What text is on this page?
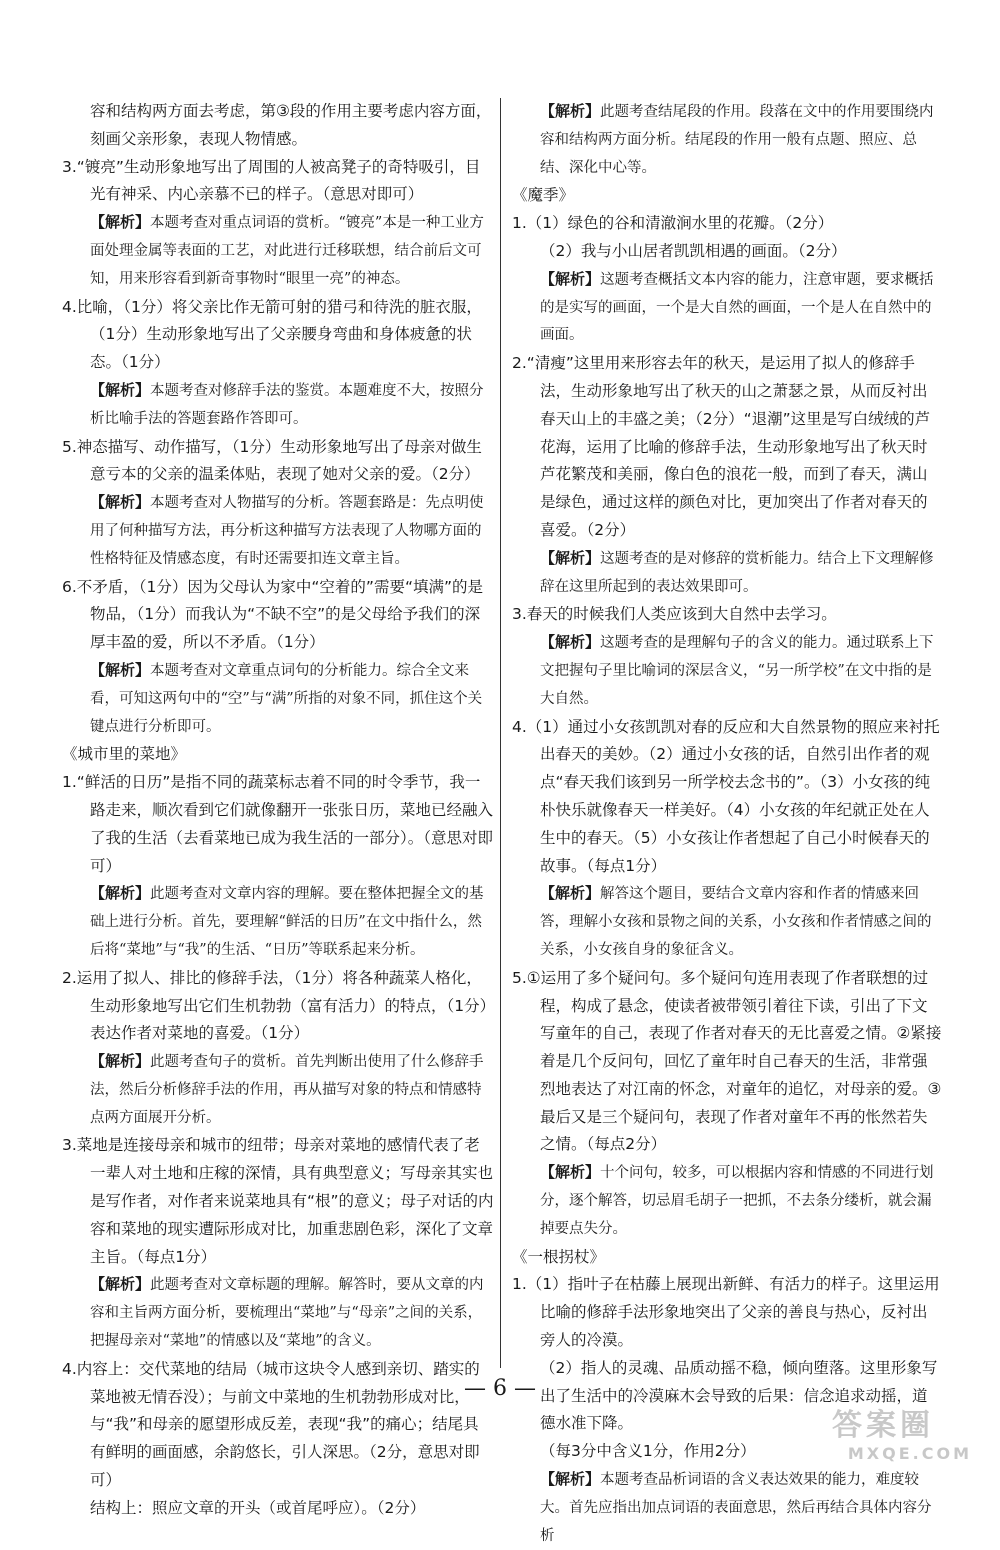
容和结构两方面去考虑，第③段的作用主要考虑内容方面，刻画父亲形象，表现人物情感。
3.“镀亮”生动形象地写出了周围的人被高凳子的奇特吸引，目光有神采、内心亲慕不已的样子。（意思对即可）
【解析】本题考查对重点词语的赏析。“镀亮”本是一种工业方面处理金属等表面的工艺，对此进行迁移联想，结合前后文可知，用来形容看到新奇事物时“眼里一亮”的神态。
4.比喻，（1分）将父亲比作无箭可射的猎弓和待洗的脏衣服，（1分）生动形象地写出了父亲腰身弯曲和身体疲惫的状态。（1分）
【解析】本题考查对修辞手法的鉴赏。本题难度不大，按照分析比喻手法的答题套路作答即可。
5.神态描写、动作描写，（1分）生动形象地写出了母亲对做生意亏本的父亲的温柔体贴，表现了她对父亲的爱。（2分）
【解析】本题考查对人物描写的分析。答题套路是：先点明使用了何种描写方法，再分析这种描写方法表现了人物哪方面的性格特征及情感态度，有时还需要扣连文章主旨。
6.不矛盾，（1分）因为父母认为家中“空着的”需要“填满”的是物品，（1分）而我认为“不缺不空”的是父母给予我们的深厚丰盈的爱，所以不矛盾。（1分）
【解析】本题考查对文章重点词句的分析能力。综合全文来看，可知这两句中的“空”与“满”所指的对象不同，抓住这个关键点进行分析即可。
《城市里的菜地》
1.“鲜活的日历”是指不同的蔬菜标志着不同的时令季节，我一路走来，顺次看到它们就像翻开一张张日历，菜地已经融入了我的生活（去看菜地已成为我生活的一部分）。（意思对即可）
【解析】此题考查对文章内容的理解。要在整体把握全文的基础上进行分析。首先，要理解“鲜活的日历”在文中指什么，然后将“菜地”与“我”的生活、“日历”等联系起来分析。
2.运用了拟人、排比的修辞手法，（1分）将各种蔬菜人格化，生动形象地写出它们生机勃勃（富有活力）的特点，（1分）表达作者对菜地的喜爱。（1分）
【解析】此题考查句子的赏析。首先判断出使用了什么修辞手法，然后分析修辞手法的作用，再从描写对象的特点和情感特点两方面展开分析。
3.菜地是连接母亲和城市的纽带；母亲对菜地的感情代表了老一辈人对土地和庄稼的深情，具有典型意义；写母亲其实也是写作者，对作者来说菜地具有“根”的意义；母子对话的内容和菜地的现实遭际形成对比，加重悲剧色彩，深化了文章主旨。（每点1分）
【解析】此题考查对文章标题的理解。解答时，要从文章的内容和主旨两方面分析，要梳理出“菜地”与“母亲”之间的关系，把握母亲对“菜地”的情感以及“菜地”的含义。
4.内容上：交代菜地的结局（城市这块令人感到亲切、踏实的菜地被无情吞没）；与前文中菜地的生机勃勃形成对比，与“我”和母亲的愿望形成反差，表现“我”的痛心；结尾具有鲜明的画面感，余韵悠长，引人深思。（2分，意思对即可）
结构上：照应文章的开头（或首尾呼应）。（2分）
【解析】此题考查结尾段的作用。段落在文中的作用要围绕内容和结构两方面分析。结尾段的作用一般有点题、照应、总结、深化中心等。
《魔季》
1.（1）绿色的谷和清澈涧水里的花瓣。（2分）
（2）我与小山居者凯凯相遇的画面。（2分）
【解析】这题考查概括文本内容的能力，注意审题，要求概括的是实写的画面，一个是大自然的画面，一个是人在自然中的画面。
2.“清瘦”这里用来形容去年的秋天，是运用了拟人的修辞手法，生动形象地写出了秋天的山之萧瑟之景，从而反衬出春天山上的丰盛之美；（2分）“退潮”这里是写白绒绒的芦花海，运用了比喻的修辞手法，生动形象地写出了秋天时芦花繁茂和美丽，像白色的浪花一般，而到了春天，满山是绿色，通过这样的颜色对比，更加突出了作者对春天的喜爱。（2分）
【解析】这题考查的是对修辞的赏析能力。结合上下文理解修辞在这里所起到的表达效果即可。
3.春天的时候我们人类应该到大自然中去学习。
【解析】这题考查的是理解句子的含义的能力。通过联系上下文把握句子里比喻词的深层含义，“另一所学校”在文中指的是大自然。
4.（1）通过小女孩凯凯对春的反应和大自然景物的照应来衬托出春天的美妙。（2）通过小女孩的话，自然引出作者的观点“春天我们该到另一所学校去念书的”。（3）小女孩的纯朴快乐就像春天一样美好。（4）小女孩的年纪就正处在人生中的春天。（5）小女孩让作者想起了自己小时候春天的故事。（每点1分）
【解析】解答这个题目，要结合文章内容和作者的情感来回答，理解小女孩和景物之间的关系，小女孩和作者情感之间的关系，小女孩自身的象征含义。
5.①运用了多个疑问句。多个疑问句连用表现了作者联想的过程，构成了悬念，使读者被带领引着往下读，引出了下文写童年的自己，表现了作者对春天的无比喜爱之情。②紧接着是几个反问句，回忆了童年时自己春天的生活，非常强烈地表达了对江南的怀念，对童年的追忆，对母亲的爱。③最后又是三个疑问句，表现了作者对童年不再的怅然若失之情。（每点2分）
【解析】十个问句，较多，可以根据内容和情感的不同进行划分，逐个解答，切忌眉毛胡子一把抓，不去条分缕析，就会漏掉要点失分。
《一根拐杖》
1.（1）指叶子在枯藤上展现出新鲜、有活力的样子。这里运用比喻的修辞手法形象地突出了父亲的善良与热心，反衬出旁人的冷漠。
（2）指人的灵魂、品质动摇不稳，倾向堕落。这里形象写出了生活中的冷漠麻木会导致的后果：信念追求动摇，道德水准下降。
（每3分中含义1分，作用2分）
【解析】本题考查品析词语的含义表达效果的能力，难度较大。首先应指出加点词语的表面意思，然后再结合具体内容分析
— 6 —
答案圈
MXQE.COM
